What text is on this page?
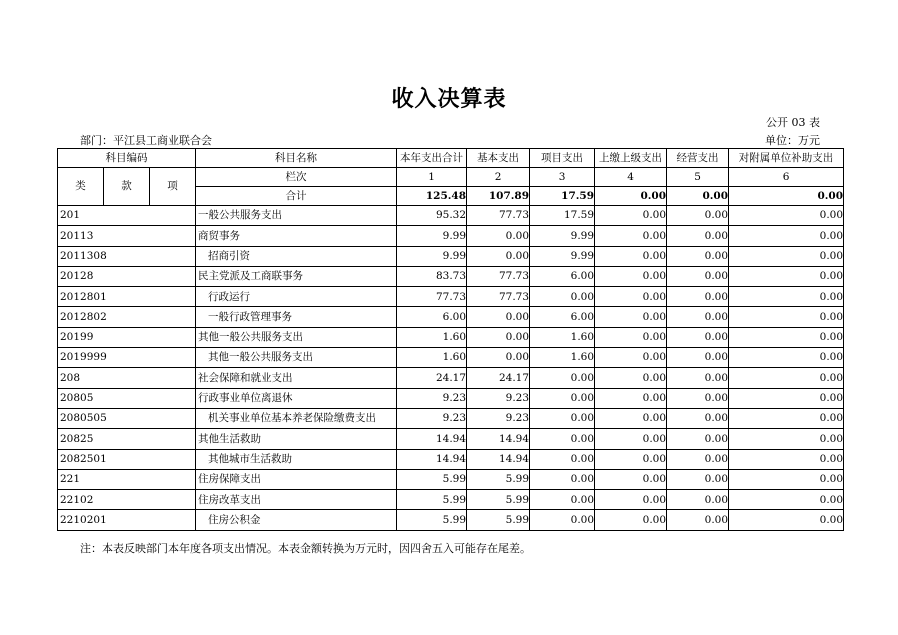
收入决算表
公开 03 表
部门：平江县工商业联合会	单位：万元
科目编码			科目名称	本年支出合计	基本支出	项目支出	上缴上级支出	经营支出	对附属单位补助支出
类	款	项	栏次	1	2	3	4	5	6
			合计	125.48	107.89	17.59	0.00	0.00	0.00
201			一般公共服务支出	95.32	77.73	17.59	0.00	0.00	0.00
20113			商贸事务	9.99	0.00	9.99	0.00	0.00	0.00
2011308			招商引资	9.99	0.00	9.99	0.00	0.00	0.00
20128			民主党派及工商联事务	83.73	77.73	6.00	0.00	0.00	0.00
2012801			行政运行	77.73	77.73	0.00	0.00	0.00	0.00
2012802			一般行政管理事务	6.00	0.00	6.00	0.00	0.00	0.00
20199			其他一般公共服务支出	1.60	0.00	1.60	0.00	0.00	0.00
2019999			其他一般公共服务支出	1.60	0.00	1.60	0.00	0.00	0.00
208			社会保障和就业支出	24.17	24.17	0.00	0.00	0.00	0.00
20805			行政事业单位离退休	9.23	9.23	0.00	0.00	0.00	0.00
2080505			机关事业单位基本养老保险缴费支出	9.23	9.23	0.00	0.00	0.00	0.00
20825			其他生活救助	14.94	14.94	0.00	0.00	0.00	0.00
2082501			其他城市生活救助	14.94	14.94	0.00	0.00	0.00	0.00
221			住房保障支出	5.99	5.99	0.00	0.00	0.00	0.00
22102			住房改革支出	5.99	5.99	0.00	0.00	0.00	0.00
2210201			住房公积金	5.99	5.99	0.00	0.00	0.00	0.00
注：本表反映部门本年度各项支出情况。本表金额转换为万元时，因四舍五入可能存在尾差。
